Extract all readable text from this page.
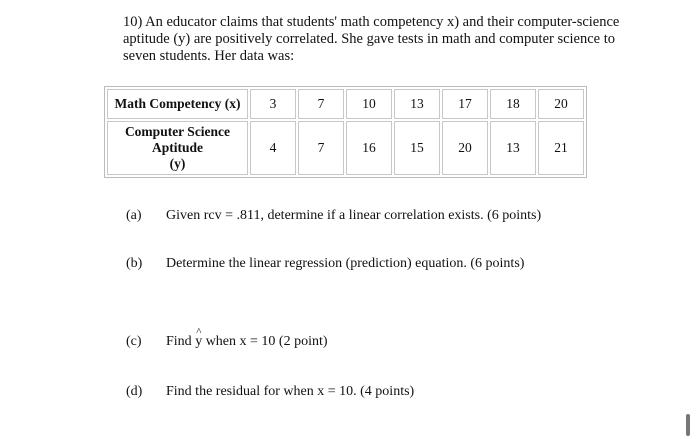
10) An educator claims that students' math competency x) and their computer-science

aptitude (y) are positively correlated. She gave tests in math and computer science to

seven students. Her data was:

Math Competency (x)	3	7	10	13	17	18	20

Computer Science
Aptitude
(y)	4	7	16	15	20	13	21
(a) Given rcv = .811, determine if a linear correlation exists. (6 points)
(b) Determine the linear regression (prediction) equation. (6 points)
(c) Find ^ y when x = 10 (2 point)
(d) Find the residual for when x = 10. (4 points)
